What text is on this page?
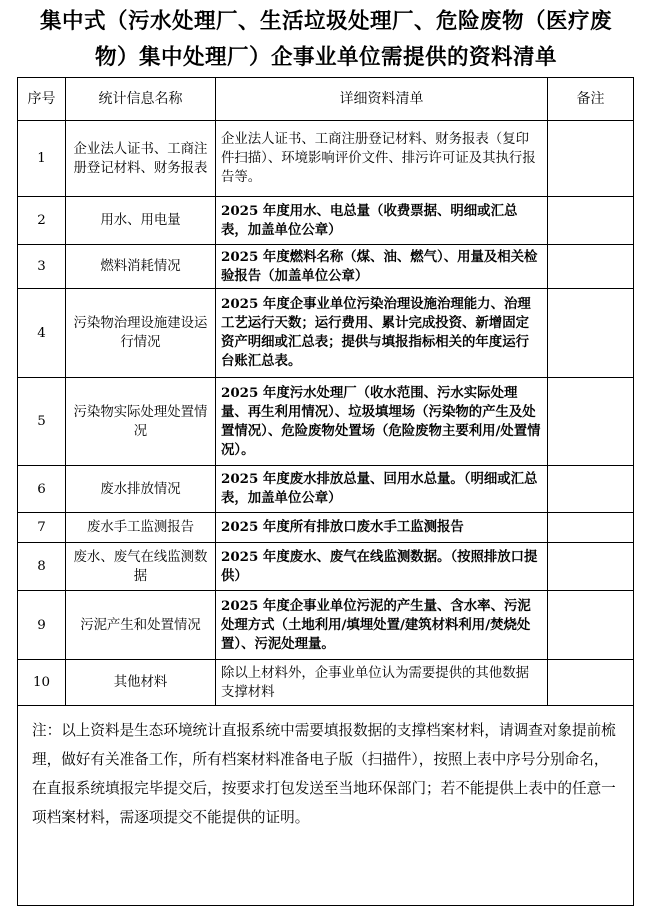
集中式（污水处理厂、生活垃圾处理厂、危险废物（医疗废
物）集中处理厂）企事业单位需提供的资料清单
序号	统计信息名称	详细资料清单	备注
1	企业法人证书、工商注册登记材料、财务报表	企业法人证书、工商注册登记材料、财务报表（复印件扫描）、环境影响评价文件、排污许可证及其执行报告等。	
2	用水、用电量	2025 年度用水、电总量（收费票据、明细或汇总表，加盖单位公章）	
3	燃料消耗情况	2025 年度燃料名称（煤、油、燃气）、用量及相关检验报告（加盖单位公章）	
4	污染物治理设施建设运行情况	2025 年度企事业单位污染治理设施治理能力、治理工艺运行天数；运行费用、累计完成投资、新增固定资产明细或汇总表；提供与填报指标相关的年度运行台账汇总表。	
5	污染物实际处理处置情况	2025 年度污水处理厂（收水范围、污水实际处理量、再生利用情况）、垃圾填埋场（污染物的产生及处置情况）、危险废物处置场（危险废物主要利用/处置情况）。	
6	废水排放情况	2025 年度废水排放总量、回用水总量。（明细或汇总表，加盖单位公章）	
7	废水手工监测报告	2025 年度所有排放口废水手工监测报告	
8	废水、废气在线监测数据	2025 年度废水、废气在线监测数据。（按照排放口提供）	
9	污泥产生和处置情况	2025 年度企事业单位污泥的产生量、含水率、污泥处理方式（土地利用/填埋处置/建筑材料利用/焚烧处置）、污泥处理量。	
10	其他材料	除以上材料外，企事业单位认为需要提供的其他数据支撑材料	
注：以上资料是生态环境统计直报系统中需要填报数据的支撑档案材料，请调查对象提前梳理，做好有关准备工作，所有档案材料准备电子版（扫描件），按照上表中序号分别命名，在直报系统填报完毕提交后，按要求打包发送至当地环保部门；若不能提供上表中的任意一项档案材料，需逐项提交不能提供的证明。			
